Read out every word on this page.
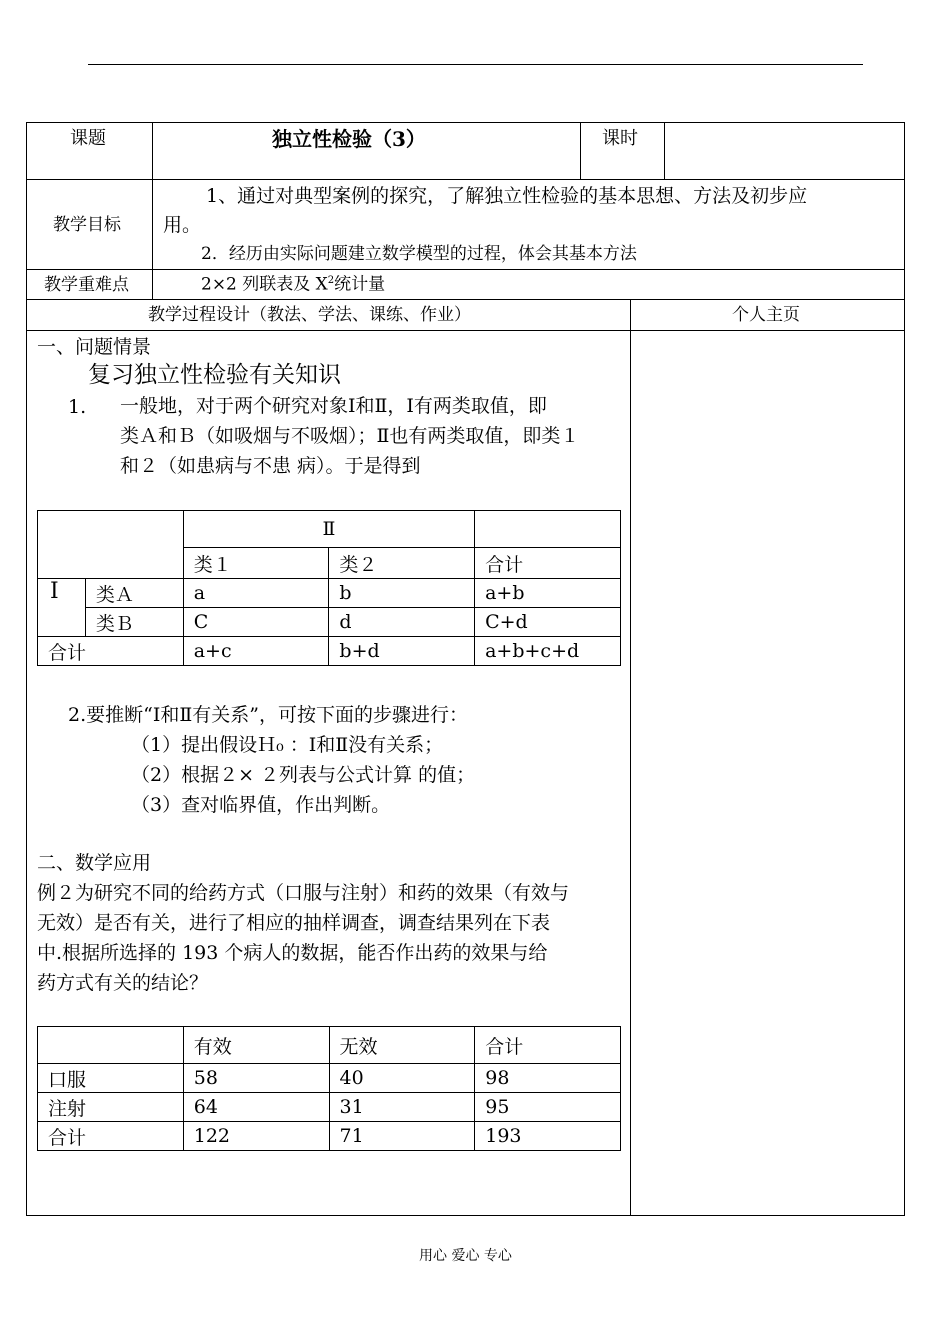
课题	独立性检验（3）	课时
教学目标
1、通过对典型案例的探究，了解独立性检验的基本思想、方法及初步应
用。
2．经历由实际问题建立数学模型的过程，体会其基本方法
教学重难点	2×2 列联表及 $X^2$统计量
教学过程设计（教法、学法、课练、作业）	个人主页
一、问题情景
复习独立性检验有关知识
1. 一般地，对于两个研究对象Ⅰ和Ⅱ，Ⅰ有两类取值，即
类Ａ和Ｂ（如吸烟与不吸烟）；Ⅱ也有两类取值，即类１
和２（如患病与不患 病）。于是得到
		Ⅱ		
		类１	类２	合计
Ⅰ	类Ａ	a	b	a+b
	类Ｂ	C	d	C+d
合计		a+c	b+d	a+b+c+d
2.要推断“Ⅰ和Ⅱ有关系”，可按下面的步骤进行：
（1）提出假设Ｈ₀ ：Ⅰ和Ⅱ没有关系；
（2）根据２× ２列表与公式计算 的值；
（3）查对临界值，作出判断。
二、数学应用
例２为研究不同的给药方式（口服与注射）和药的效果（有效与
无效）是否有关，进行了相应的抽样调查，调查结果列在下表
中.根据所选择的 193 个病人的数据，能否作出药的效果与给
药方式有关的结论？
	有效	无效	合计
口服	58	40	98
注射	64	31	95
合计	122	71	193
用心 爱心 专心
